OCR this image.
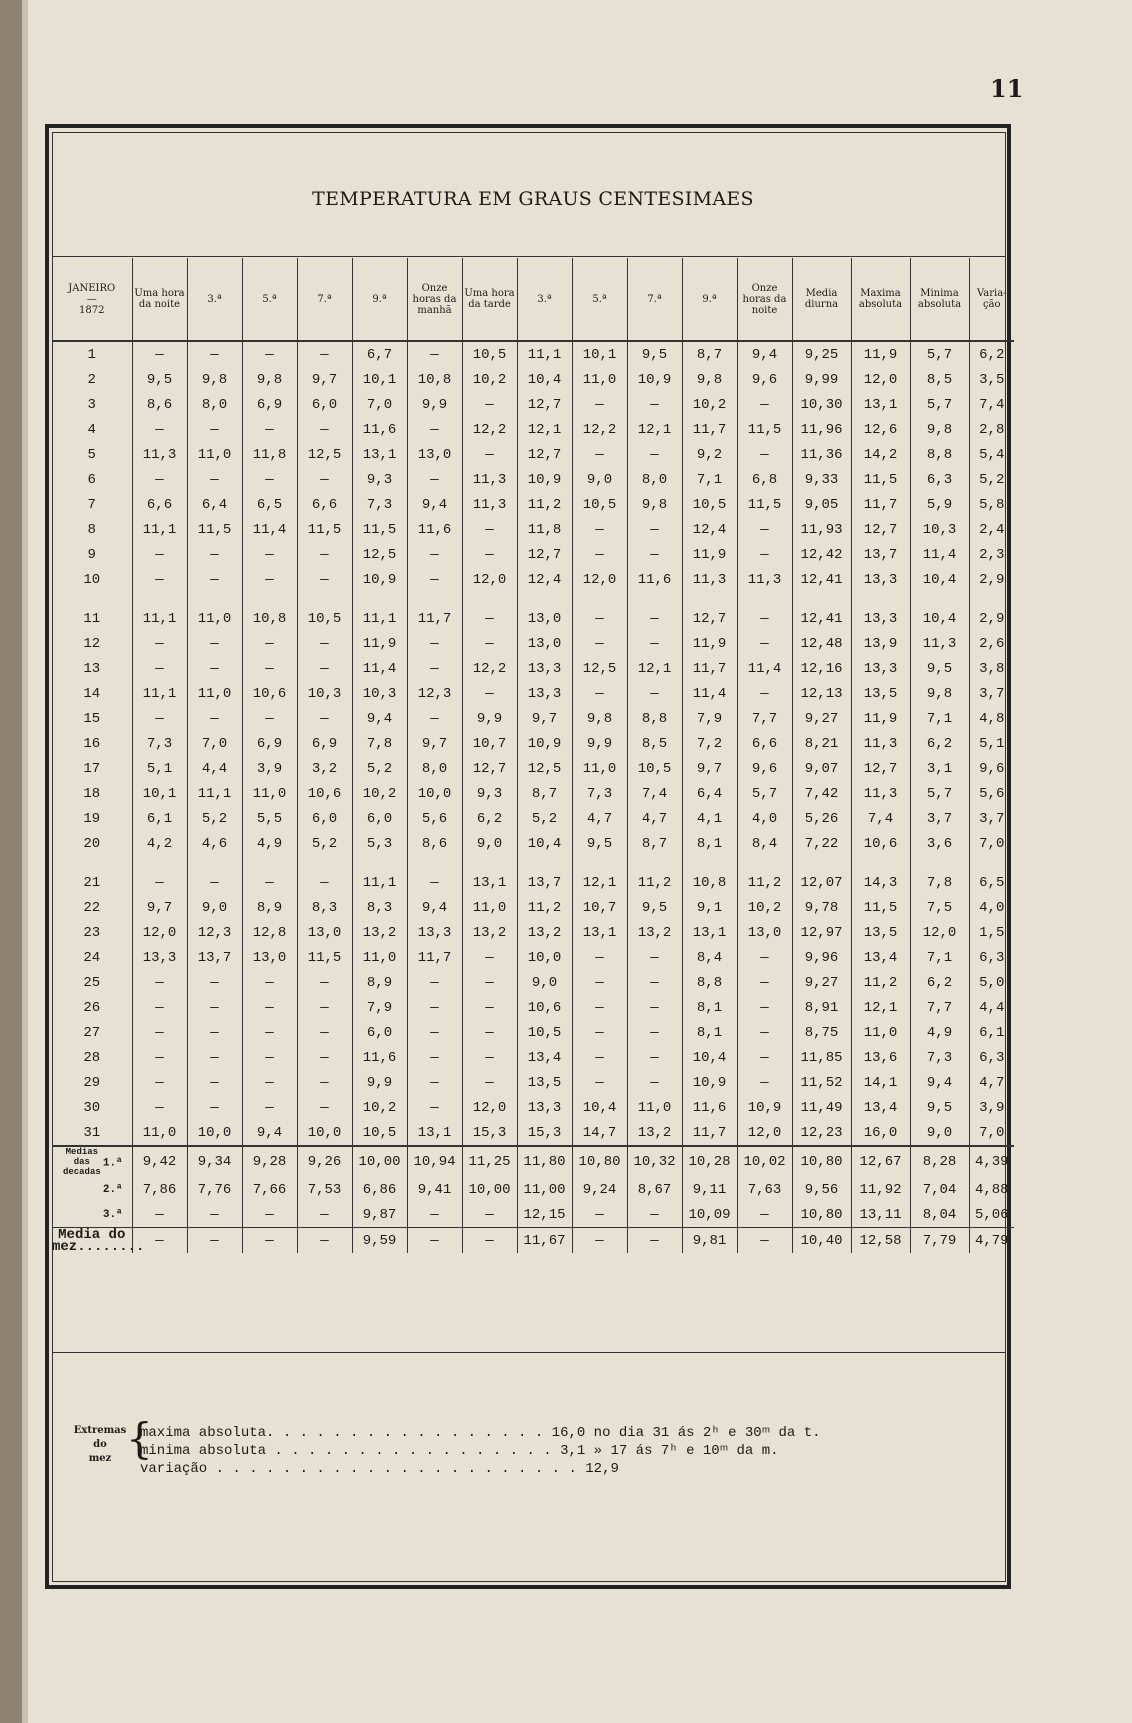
11
TEMPERATURA EM GRAUS CENTESIMAES
JANEIRO
—
1872	Uma hora da noite	3.ª	5.ª	7.ª	9.ª	Onze horas da manhã	Uma hora da tarde	3.ª	5.ª	7.ª	9.ª	Onze horas da noite	Media diurna	Maxima absoluta	Minima absoluta	Varia-ção
1	—	—	—	—	6,7	—	10,5	11,1	10,1	9,5	8,7	9,4	9,25	11,9	5,7	6,2
2	9,5	9,8	9,8	9,7	10,1	10,8	10,2	10,4	11,0	10,9	9,8	9,6	9,99	12,0	8,5	3,5
3	8,6	8,0	6,9	6,0	7,0	9,9	—	12,7	—	—	10,2	—	10,30	13,1	5,7	7,4
4	—	—	—	—	11,6	—	12,2	12,1	12,2	12,1	11,7	11,5	11,96	12,6	9,8	2,8
5	11,3	11,0	11,8	12,5	13,1	13,0	—	12,7	—	—	9,2	—	11,36	14,2	8,8	5,4
6	—	—	—	—	9,3	—	11,3	10,9	9,0	8,0	7,1	6,8	9,33	11,5	6,3	5,2
7	6,6	6,4	6,5	6,6	7,3	9,4	11,3	11,2	10,5	9,8	10,5	11,5	9,05	11,7	5,9	5,8
8	11,1	11,5	11,4	11,5	11,5	11,6	—	11,8	—	—	12,4	—	11,93	12,7	10,3	2,4
9	—	—	—	—	12,5	—	—	12,7	—	—	11,9	—	12,42	13,7	11,4	2,3
10	—	—	—	—	10,9	—	12,0	12,4	12,0	11,6	11,3	11,3	12,41	13,3	10,4	2,9

11	11,1	11,0	10,8	10,5	11,1	11,7	—	13,0	—	—	12,7	—	12,41	13,3	10,4	2,9
12	—	—	—	—	11,9	—	—	13,0	—	—	11,9	—	12,48	13,9	11,3	2,6
13	—	—	—	—	11,4	—	12,2	13,3	12,5	12,1	11,7	11,4	12,16	13,3	9,5	3,8
14	11,1	11,0	10,6	10,3	10,3	12,3	—	13,3	—	—	11,4	—	12,13	13,5	9,8	3,7
15	—	—	—	—	9,4	—	9,9	9,7	9,8	8,8	7,9	7,7	9,27	11,9	7,1	4,8
16	7,3	7,0	6,9	6,9	7,8	9,7	10,7	10,9	9,9	8,5	7,2	6,6	8,21	11,3	6,2	5,1
17	5,1	4,4	3,9	3,2	5,2	8,0	12,7	12,5	11,0	10,5	9,7	9,6	9,07	12,7	3,1	9,6
18	10,1	11,1	11,0	10,6	10,2	10,0	9,3	8,7	7,3	7,4	6,4	5,7	7,42	11,3	5,7	5,6
19	6,1	5,2	5,5	6,0	6,0	5,6	6,2	5,2	4,7	4,7	4,1	4,0	5,26	7,4	3,7	3,7
20	4,2	4,6	4,9	5,2	5,3	8,6	9,0	10,4	9,5	8,7	8,1	8,4	7,22	10,6	3,6	7,0

21	—	—	—	—	11,1	—	13,1	13,7	12,1	11,2	10,8	11,2	12,07	14,3	7,8	6,5
22	9,7	9,0	8,9	8,3	8,3	9,4	11,0	11,2	10,7	9,5	9,1	10,2	9,78	11,5	7,5	4,0
23	12,0	12,3	12,8	13,0	13,2	13,3	13,2	13,2	13,1	13,2	13,1	13,0	12,97	13,5	12,0	1,5
24	13,3	13,7	13,0	11,5	11,0	11,7	—	10,0	—	—	8,4	—	9,96	13,4	7,1	6,3
25	—	—	—	—	8,9	—	—	9,0	—	—	8,8	—	9,27	11,2	6,2	5,0
26	—	—	—	—	7,9	—	—	10,6	—	—	8,1	—	8,91	12,1	7,7	4,4
27	—	—	—	—	6,0	—	—	10,5	—	—	8,1	—	8,75	11,0	4,9	6,1
28	—	—	—	—	11,6	—	—	13,4	—	—	10,4	—	11,85	13,6	7,3	6,3
29	—	—	—	—	9,9	—	—	13,5	—	—	10,9	—	11,52	14,1	9,4	4,7
30	—	—	—	—	10,2	—	12,0	13,3	10,4	11,0	11,6	10,9	11,49	13,4	9,5	3,9
31	11,0	10,0	9,4	10,0	10,5	13,1	15,3	15,3	14,7	13,2	11,7	12,0	12,23	16,0	9,0	7,0
Medias das decadas1.ª	9,42	9,34	9,28	9,26	10,00	10,94	11,25	11,80	10,80	10,32	10,28	10,02	10,80	12,67	8,28	4,39
2.ª	7,86	7,76	7,66	7,53	6,86	9,41	10,00	11,00	9,24	8,67	9,11	7,63	9,56	11,92	7,04	4,88
3.ª	—	—	—	—	9,87	—	—	12,15	—	—	10,09	—	10,80	13,11	8,04	5,06
Media do mez........	—	—	—	—	9,59	—	—	11,67	—	—	9,81	—	10,40	12,58	7,79	4,79
Extremas
do
mez {
maxima absoluta. . . . . . . . . . . . . . . . . 16,0 no dia 31 ás 2ʰ e 30ᵐ da t.
minima absoluta . . . . . . . . . . . . . . . . . 3,1 » 17 ás 7ʰ e 10ᵐ da m.
variação . . . . . . . . . . . . . . . . . . . . . . 12,9
